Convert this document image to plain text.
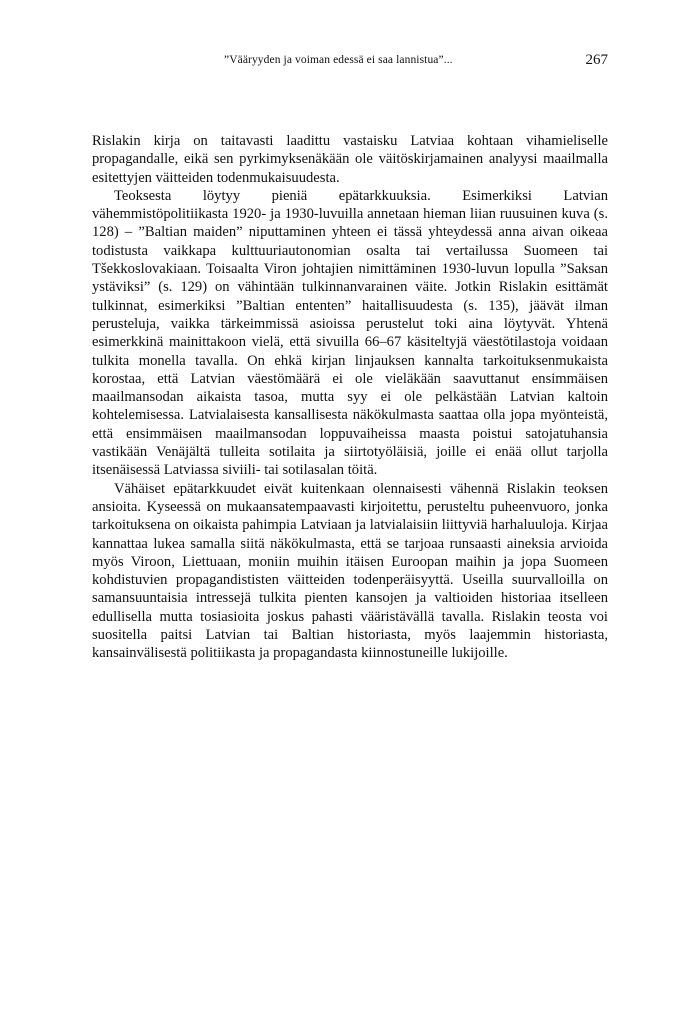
”Vääryyden ja voiman edessä ei saa lannistua”...	267

Rislakin kirja on taitavasti laadittu vastaisku Latviaa kohtaan vihamieliselle propagandalle, eikä sen pyrkimyksenäkään ole väitöskirjamainen analyysi maailmalla esitettyjen väitteiden todenmukaisuudesta.

Teoksesta löytyy pieniä epätarkkuuksia. Esimerkiksi Latvian vähemmistöpolitiikasta 1920- ja 1930-luvuilla annetaan hieman liian ruusuinen kuva (s. 128) – ”Baltian maiden” niputtaminen yhteen ei tässä yhteydessä anna aivan oikeaa todistusta vaikkapa kulttuuriautonomian osalta tai vertailussa Suomeen tai Tšekkoslovakiaan. Toisaalta Viron johtajien nimittäminen 1930-luvun lopulla ”Saksan ystäviksi” (s. 129) on vähintään tulkinnanvarainen väite. Jotkin Rislakin esittämät tulkinnat, esimerkiksi ”Baltian ententen” haitallisuudesta (s. 135), jäävät ilman perusteluja, vaikka tärkeimmissä asioissa perustelut toki aina löytyvät. Yhtenä esimerkkinä mainittakoon vielä, että sivuilla 66–67 käsiteltyjä väestötilastoja voidaan tulkita monella tavalla. On ehkä kirjan linjauksen kannalta tarkoituksenmukaista korostaa, että Latvian väestömäärä ei ole vieläkään saavuttanut ensimmäisen maailmansodan aikaista tasoa, mutta syy ei ole pelkästään Latvian kaltoin kohtelemisessa. Latvialaisesta kansallisesta näkökulmasta saattaa olla jopa myönteistä, että ensimmäisen maailmansodan loppuvaiheissa maasta poistui satojatuhansia vastikään Venäjältä tulleita sotilaita ja siirtotyöläisiä, joille ei enää ollut tarjolla itsenäisessä Latviassa siviili- tai sotilasalan töitä.

Vähäiset epätarkkuudet eivät kuitenkaan olennaisesti vähennä Rislakin teoksen ansioita. Kyseessä on mukaansatempaavasti kirjoitettu, perusteltu puheenvuoro, jonka tarkoituksena on oikaista pahimpia Latviaan ja latvialaisiin liittyviä harhaluuloja. Kirjaa kannattaa lukea samalla siitä näkökulmasta, että se tarjoaa runsaasti aineksia arvioida myös Viroon, Liettuaan, moniin muihin itäisen Euroopan maihin ja jopa Suomeen kohdistuvien propagandististen väitteiden todenperäisyyttä. Useilla suurvalloilla on samansuuntaisia intressejä tulkita pienten kansojen ja valtioiden historiaa itselleen edullisella mutta tosiasioita joskus pahasti vääristävällä tavalla. Rislakin teosta voi suositella paitsi Latvian tai Baltian historiasta, myös laajemmin historiasta, kansainvälisestä politiikasta ja propagandasta kiinnostuneille lukijoille.
